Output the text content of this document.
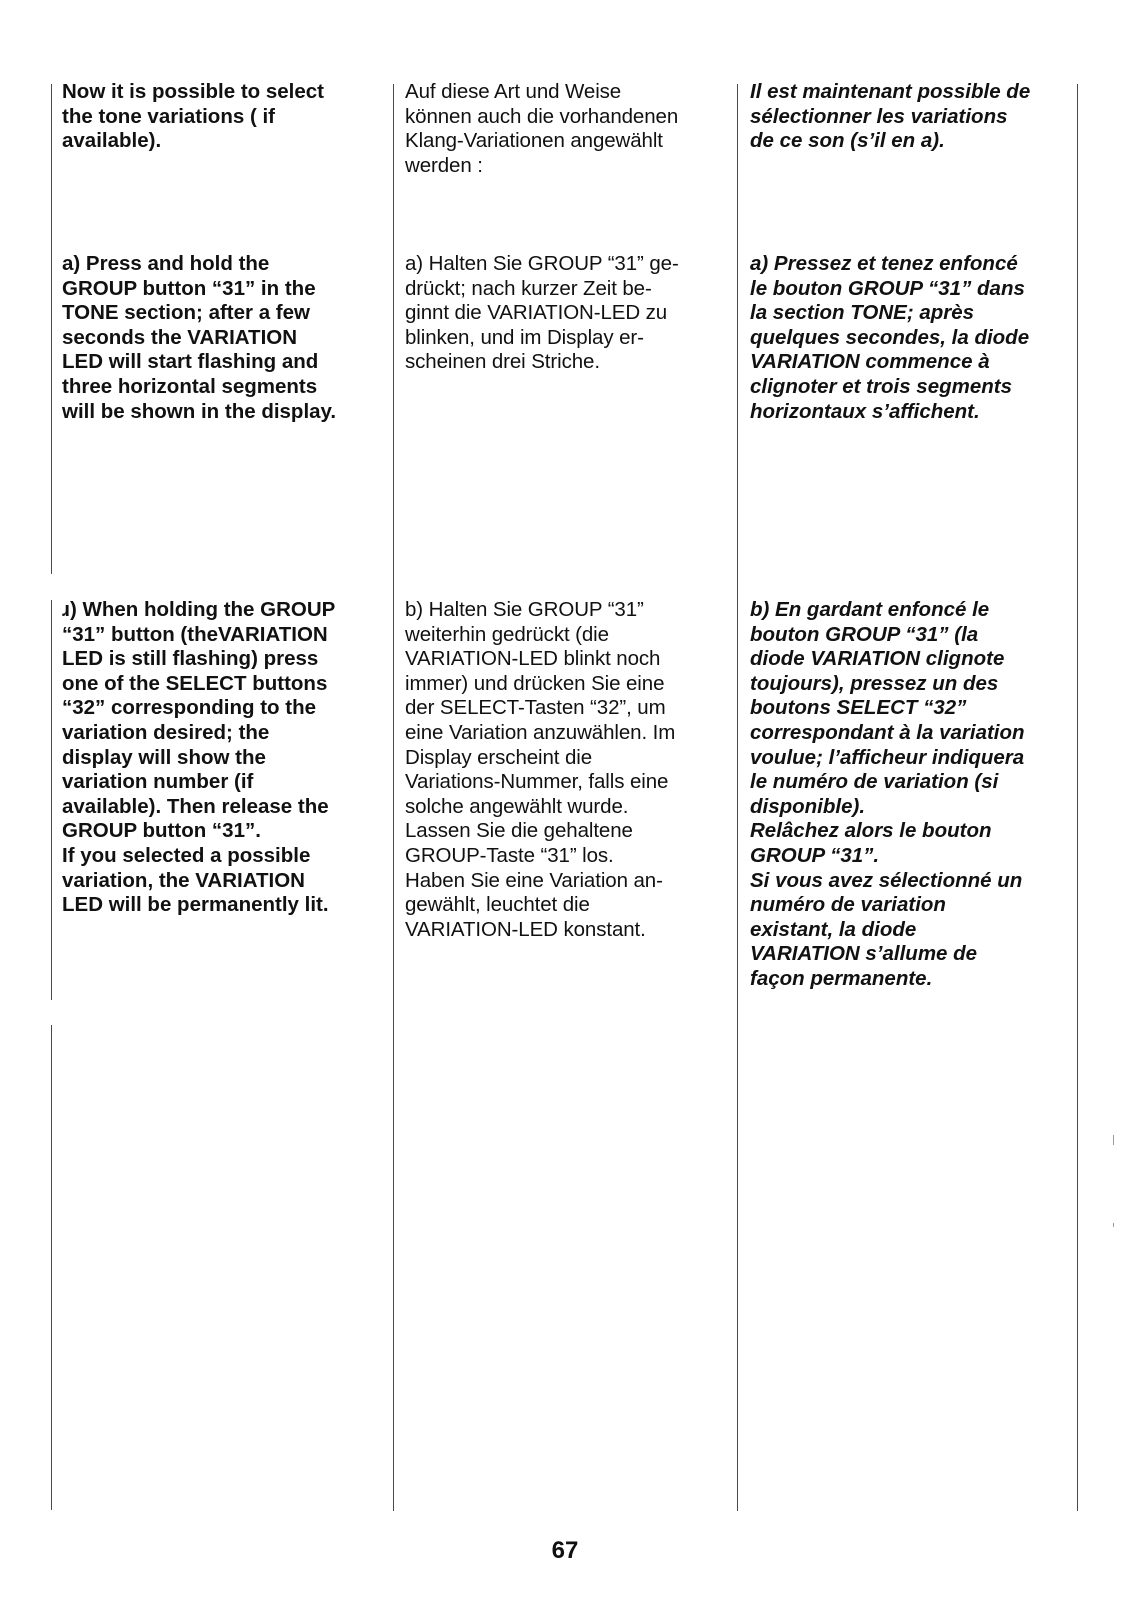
Now it is possible to select
the tone variations ( if
available).
a) Press and hold the
GROUP button “31” in the
TONE section; after a few
seconds the VARIATION
LED will start flashing and
three horizontal segments
will be shown in the display.
ɹ) When holding the GROUP
“31” button (theVARIATION
LED is still flashing) press
one of the SELECT buttons
“32” corresponding to the
variation desired; the
display will show the
variation number (if
available). Then release the
GROUP button “31”.
If you selected a possible
variation, the VARIATION
LED will be permanently lit.
Auf diese Art und Weise
können auch die vorhandenen
Klang-Variationen angewählt
werden :
a) Halten Sie GROUP “31” ge-
drückt; nach kurzer Zeit be-
ginnt die VARIATION-LED zu
blinken, und im Display er-
scheinen drei Striche.
b) Halten Sie GROUP “31”
weiterhin gedrückt (die
VARIATION-LED blinkt noch
immer) und drücken Sie eine
der SELECT-Tasten “32”, um
eine Variation anzuwählen. Im
Display erscheint die
Variations-Nummer, falls eine
solche angewählt wurde.
Lassen Sie die gehaltene
GROUP-Taste “31” los.
Haben Sie eine Variation an-
gewählt, leuchtet die
VARIATION-LED konstant.
Il est maintenant possible de
sélectionner les variations
de ce son (s’il en a).
a) Pressez et tenez enfoncé
le bouton GROUP “31” dans
la section TONE; après
quelques secondes, la diode
VARIATION commence à
clignoter et trois segments
horizontaux s’affichent.
b) En gardant enfoncé le
bouton GROUP “31” (la
diode VARIATION clignote
toujours), pressez un des
boutons SELECT “32”
correspondant à la variation
voulue; l’afficheur indiquera
le numéro de variation (si
disponible).
Relâchez alors le bouton
GROUP “31”.
Si vous avez sélectionné un
numéro de variation
existant, la diode
VARIATION s’allume de
façon permanente.
67
